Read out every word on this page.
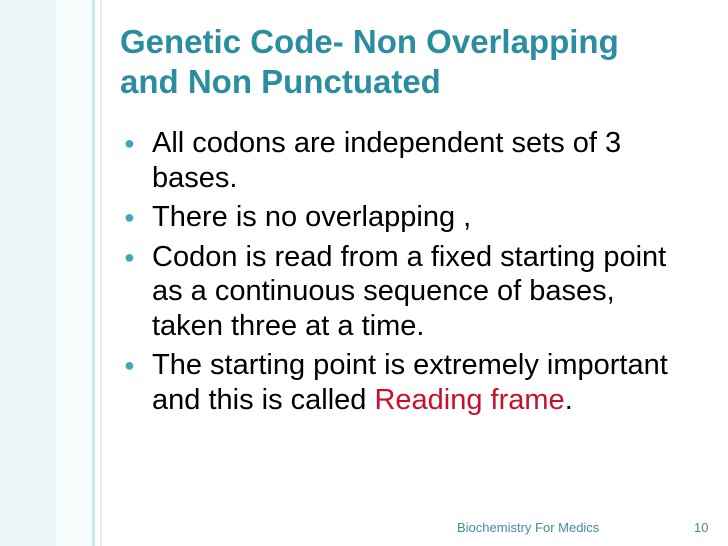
Genetic Code- Non Overlapping
and Non Punctuated
● All codons are independent sets of 3 bases.
● There is no overlapping ,
● Codon is read from a fixed starting point as a continuous sequence of bases, taken three at a time.
● The starting point is extremely important and this is called Reading frame.
Biochemistry For Medics	10
